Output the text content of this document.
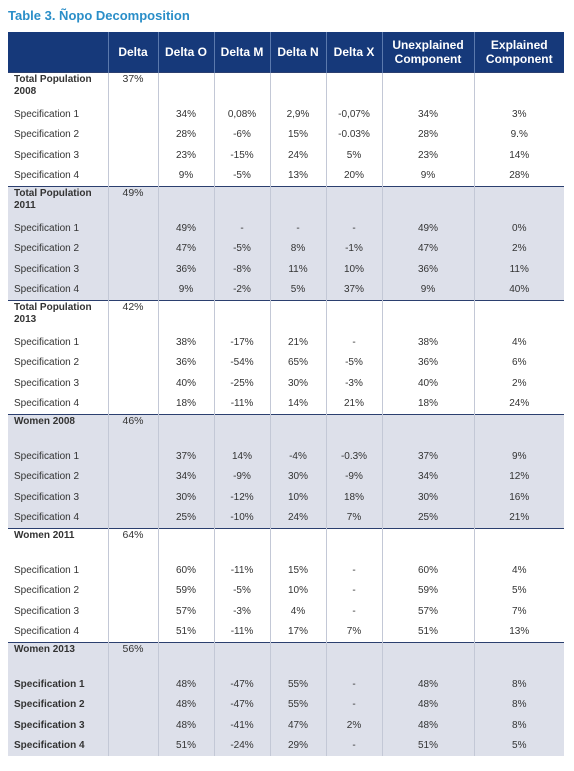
Table 3. Ñopo Decomposition
	Delta	Delta O	Delta M	Delta N	Delta X	Unexplained Component	Explained Component
Total Population 2008	37%						
Specification 1		34%	0,08%	2,9%	-0,07%	34%	3%
Specification 2		28%	-6%	15%	-0.03%	28%	9.%
Specification 3		23%	-15%	24%	5%	23%	14%
Specification 4		9%	-5%	13%	20%	9%	28%
Total Population 2011	49%						
Specification 1		49%	-	-	-	49%	0%
Specification 2		47%	-5%	8%	-1%	47%	2%
Specification 3		36%	-8%	11%	10%	36%	11%
Specification 4		9%	-2%	5%	37%	9%	40%
Total Population 2013	42%						
Specification 1		38%	-17%	21%	-	38%	4%
Specification 2		36%	-54%	65%	-5%	36%	6%
Specification 3		40%	-25%	30%	-3%	40%	2%
Specification 4		18%	-11%	14%	21%	18%	24%
Women 2008	46%						
Specification 1		37%	14%	-4%	-0.3%	37%	9%
Specification 2		34%	-9%	30%	-9%	34%	12%
Specification 3		30%	-12%	10%	18%	30%	16%
Specification 4		25%	-10%	24%	7%	25%	21%
Women 2011	64%						
Specification 1		60%	-11%	15%	-	60%	4%
Specification 2		59%	-5%	10%	-	59%	5%
Specification 3		57%	-3%	4%	-	57%	7%
Specification 4		51%	-11%	17%	7%	51%	13%
Women 2013	56%						
Specification 1		48%	-47%	55%	-	48%	8%
Specification 2		48%	-47%	55%	-	48%	8%
Specification 3		48%	-41%	47%	2%	48%	8%
Specification 4		51%	-24%	29%	-	51%	5%
